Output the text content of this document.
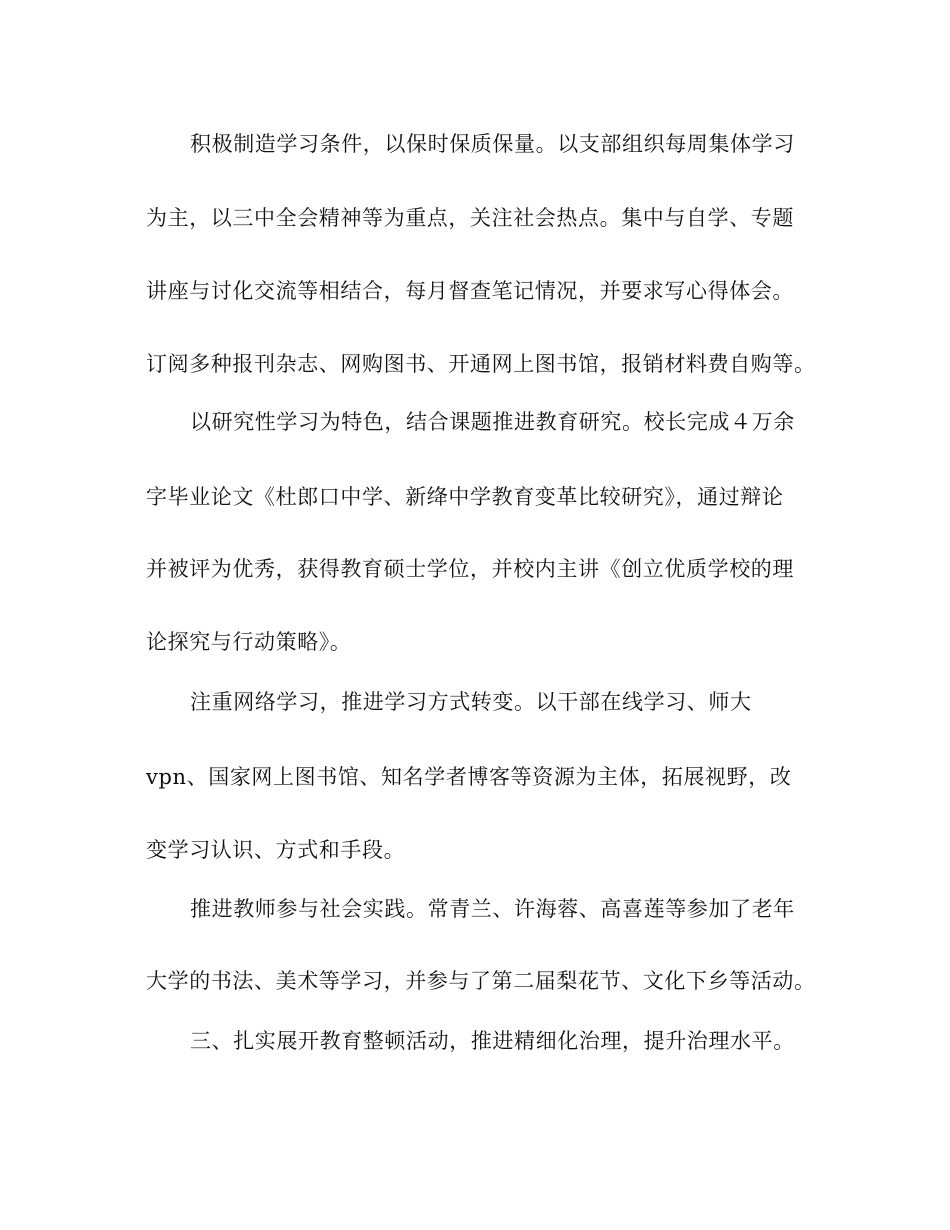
积极制造学习条件，以保时保质保量。以支部组织每周集体学习
为主，以三中全会精神等为重点，关注社会热点。集中与自学、专题
讲座与讨化交流等相结合，每月督查笔记情况，并要求写心得体会。
订阅多种报刊杂志、网购图书、开通网上图书馆，报销材料费自购等。
以研究性学习为特色，结合课题推进教育研究。校长完成４万余
字毕业论文《杜郎口中学、新绛中学教育变革比较研究》，通过辩论
并被评为优秀，获得教育硕士学位，并校内主讲《创立优质学校的理
论探究与行动策略》。
注重网络学习，推进学习方式转变。以干部在线学习、师大
vpn、国家网上图书馆、知名学者博客等资源为主体，拓展视野，改
变学习认识、方式和手段。
推进教师参与社会实践。常青兰、许海蓉、高喜莲等参加了老年
大学的书法、美术等学习，并参与了第二届梨花节、文化下乡等活动。
三、扎实展开教育整顿活动，推进精细化治理，提升治理水平。
